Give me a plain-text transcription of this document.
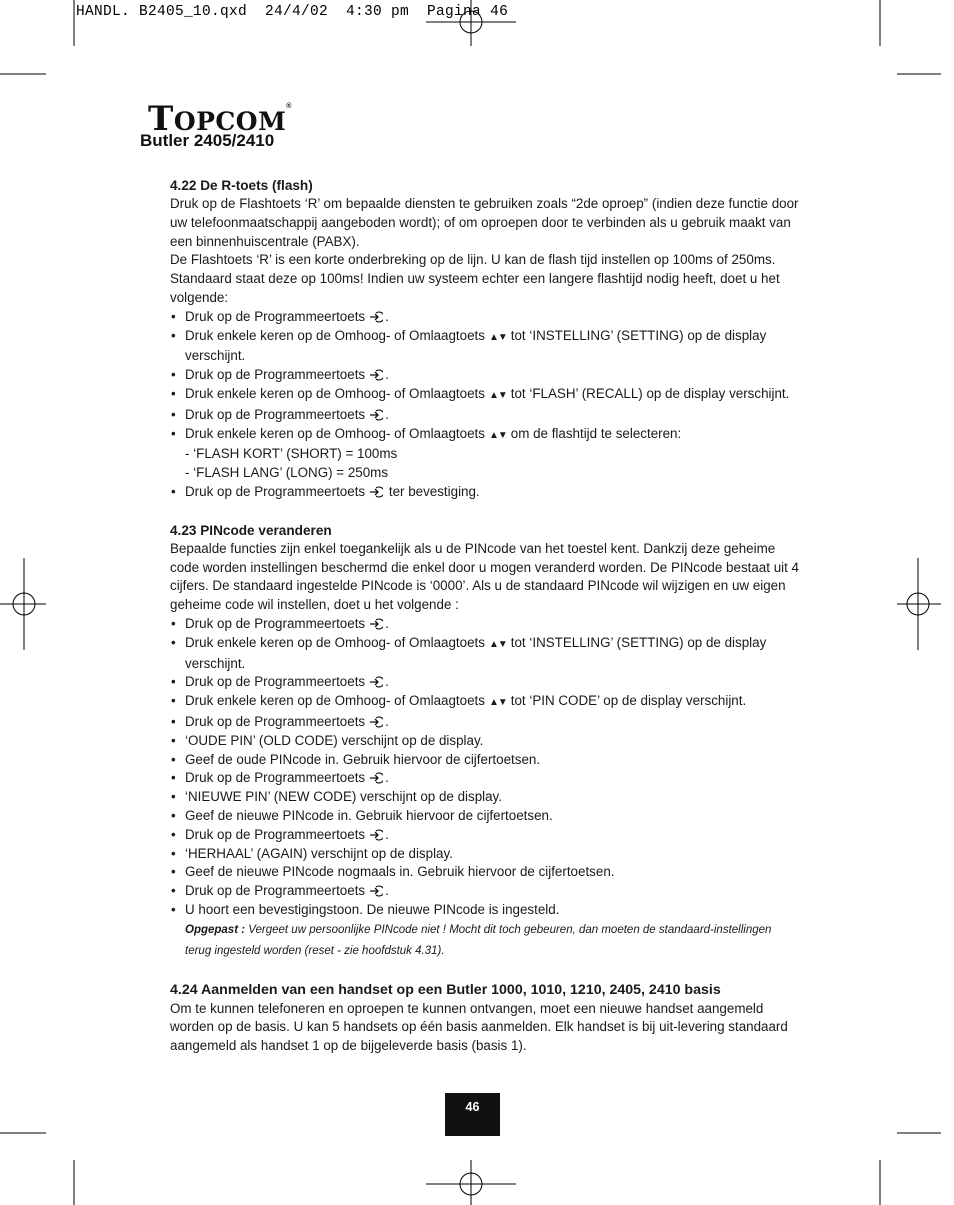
HANDL. B2405_10.qxd  24/4/02  4:30 pm  Pagina 46
TOPCOM®
Butler 2405/2410
4.22 De R-toets (flash)

Druk op de Flashtoets ‘R’ om bepaalde diensten te gebruiken zoals “2de oproep” (indien deze functie door uw telefoonmaatschappij aangeboden wordt); of om oproepen door te verbinden als u gebruik maakt van een binnenhuiscentrale (PABX).

De Flashtoets ‘R’ is een korte onderbreking op de lijn. U kan de flash tijd instellen op 100ms of 250ms. Standaard staat deze op 100ms! Indien uw systeem echter een langere flashtijd nodig heeft, doet u het volgende:

• Druk op de Programmeertoets .
• Druk enkele keren op de Omhoog- of Omlaagtoets ▲▼ tot ‘INSTELLING’ (SETTING) op de display verschijnt.
• Druk op de Programmeertoets .
• Druk enkele keren op de Omhoog- of Omlaagtoets ▲▼ tot ‘FLASH’ (RECALL) op de display verschijnt.
• Druk op de Programmeertoets .
• Druk enkele keren op de Omhoog- of Omlaagtoets ▲▼ om de flashtijd te selecteren:
- ‘FLASH KORT’ (SHORT) = 100ms
- ‘FLASH LANG’ (LONG) = 250ms
• Druk op de Programmeertoets ter bevestiging.
4.23 PINcode veranderen

Bepaalde functies zijn enkel toegankelijk als u de PINcode van het toestel kent. Dankzij deze geheime code worden instellingen beschermd die enkel door u mogen veranderd worden. De PINcode bestaat uit 4 cijfers. De standaard ingestelde PINcode is ‘0000’. Als u de standaard PINcode wil wijzigen en uw eigen geheime code wil instellen, doet u het volgende :

• Druk op de Programmeertoets .
• Druk enkele keren op de Omhoog- of Omlaagtoets ▲▼ tot ‘INSTELLING’ (SETTING) op de display verschijnt.
• Druk op de Programmeertoets .
• Druk enkele keren op de Omhoog- of Omlaagtoets ▲▼ tot ‘PIN CODE’ op de display verschijnt.
• Druk op de Programmeertoets .
• ‘OUDE PIN’ (OLD CODE) verschijnt op de display.
• Geef de oude PINcode in. Gebruik hiervoor de cijfertoetsen.
• Druk op de Programmeertoets .
• ‘NIEUWE PIN’ (NEW CODE) verschijnt op de display.
• Geef de nieuwe PINcode in. Gebruik hiervoor de cijfertoetsen.
• Druk op de Programmeertoets .
• ‘HERHAAL’ (AGAIN) verschijnt op de display.
• Geef de nieuwe PINcode nogmaals in. Gebruik hiervoor de cijfertoetsen.
• Druk op de Programmeertoets .
• U hoort een bevestigingstoon. De nieuwe PINcode is ingesteld.

Opgepast : Vergeet uw persoonlijke PINcode niet ! Mocht dit toch gebeuren, dan moeten de standaard-instellingen terug ingesteld worden (reset - zie hoofdstuk 4.31).

4.24 Aanmelden van een handset op een Butler 1000, 1010, 1210, 2405, 2410 basis

Om te kunnen telefoneren en oproepen te kunnen ontvangen, moet een nieuwe handset aangemeld worden op de basis. U kan 5 handsets op één basis aanmelden. Elk handset is bij uit-levering standaard aangemeld als handset 1 op de bijgeleverde basis (basis 1).

46
